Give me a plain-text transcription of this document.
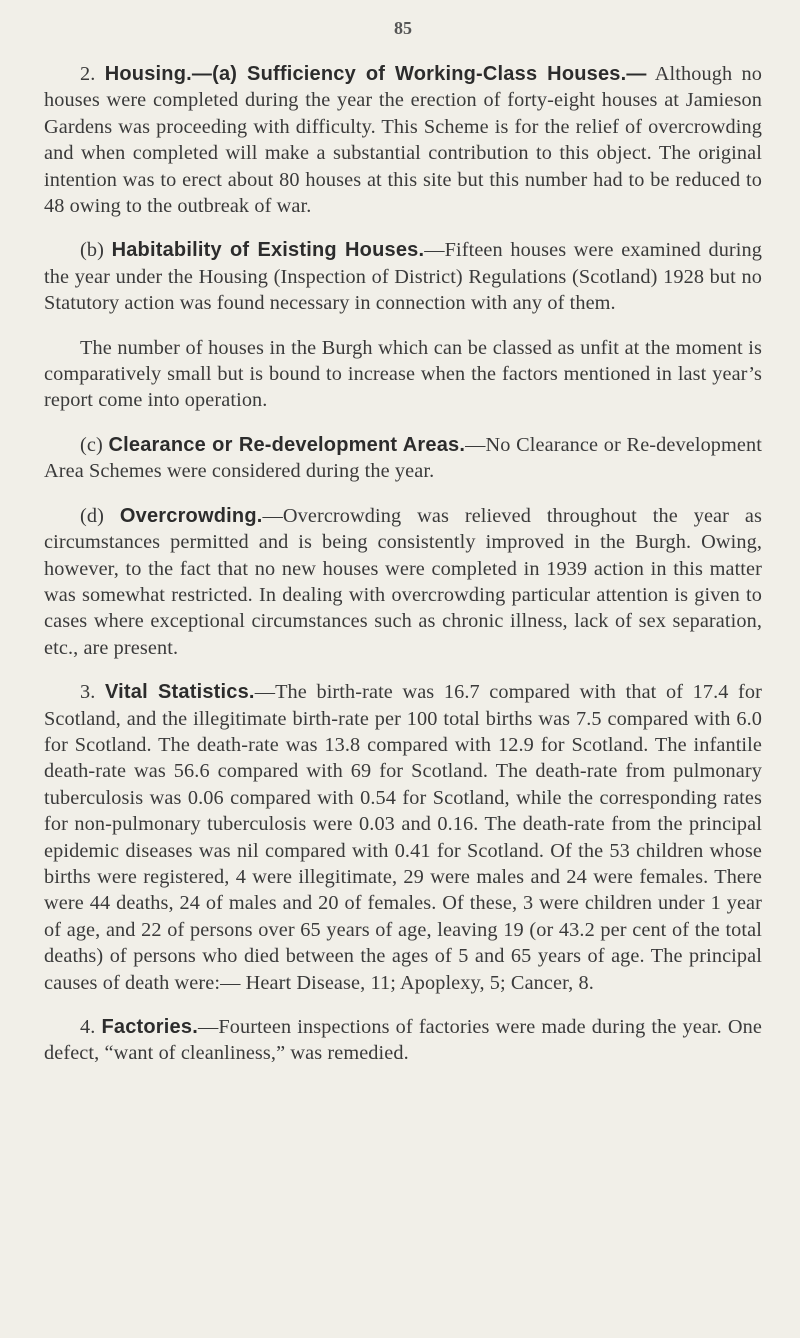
85

2. Housing.—(a) Sufficiency of Working-Class Houses.— Although no houses were completed during the year the erection of forty-eight houses at Jamieson Gardens was proceeding with difficulty. This Scheme is for the relief of overcrowding and when completed will make a substantial contribution to this object. The original intention was to erect about 80 houses at this site but this number had to be reduced to 48 owing to the outbreak of war.

(b) Habitability of Existing Houses.—Fifteen houses were examined during the year under the Housing (Inspection of District) Regulations (Scotland) 1928 but no Statutory action was found necessary in connection with any of them.

The number of houses in the Burgh which can be classed as unfit at the moment is comparatively small but is bound to increase when the factors mentioned in last year’s report come into operation.

(c) Clearance or Re-development Areas.—No Clearance or Re-development Area Schemes were considered during the year.

(d) Overcrowding.—Overcrowding was relieved throughout the year as circumstances permitted and is being consistently improved in the Burgh. Owing, however, to the fact that no new houses were completed in 1939 action in this matter was somewhat restricted. In dealing with overcrowding particular attention is given to cases where exceptional circumstances such as chronic illness, lack of sex separation, etc., are present.

3. Vital Statistics.—The birth-rate was 16.7 compared with that of 17.4 for Scotland, and the illegitimate birth-rate per 100 total births was 7.5 compared with 6.0 for Scotland. The death-rate was 13.8 compared with 12.9 for Scotland. The infantile death-rate was 56.6 compared with 69 for Scotland. The death-rate from pulmonary tuberculosis was 0.06 compared with 0.54 for Scotland, while the corresponding rates for non-pulmonary tuberculosis were 0.03 and 0.16. The death-rate from the principal epidemic diseases was nil compared with 0.41 for Scotland. Of the 53 children whose births were registered, 4 were illegitimate, 29 were males and 24 were females. There were 44 deaths, 24 of males and 20 of females. Of these, 3 were children under 1 year of age, and 22 of persons over 65 years of age, leaving 19 (or 43.2 per cent of the total deaths) of persons who died between the ages of 5 and 65 years of age. The principal causes of death were:— Heart Disease, 11; Apoplexy, 5; Cancer, 8.

4. Factories.—Fourteen inspections of factories were made during the year. One defect, “want of cleanliness,” was remedied.
